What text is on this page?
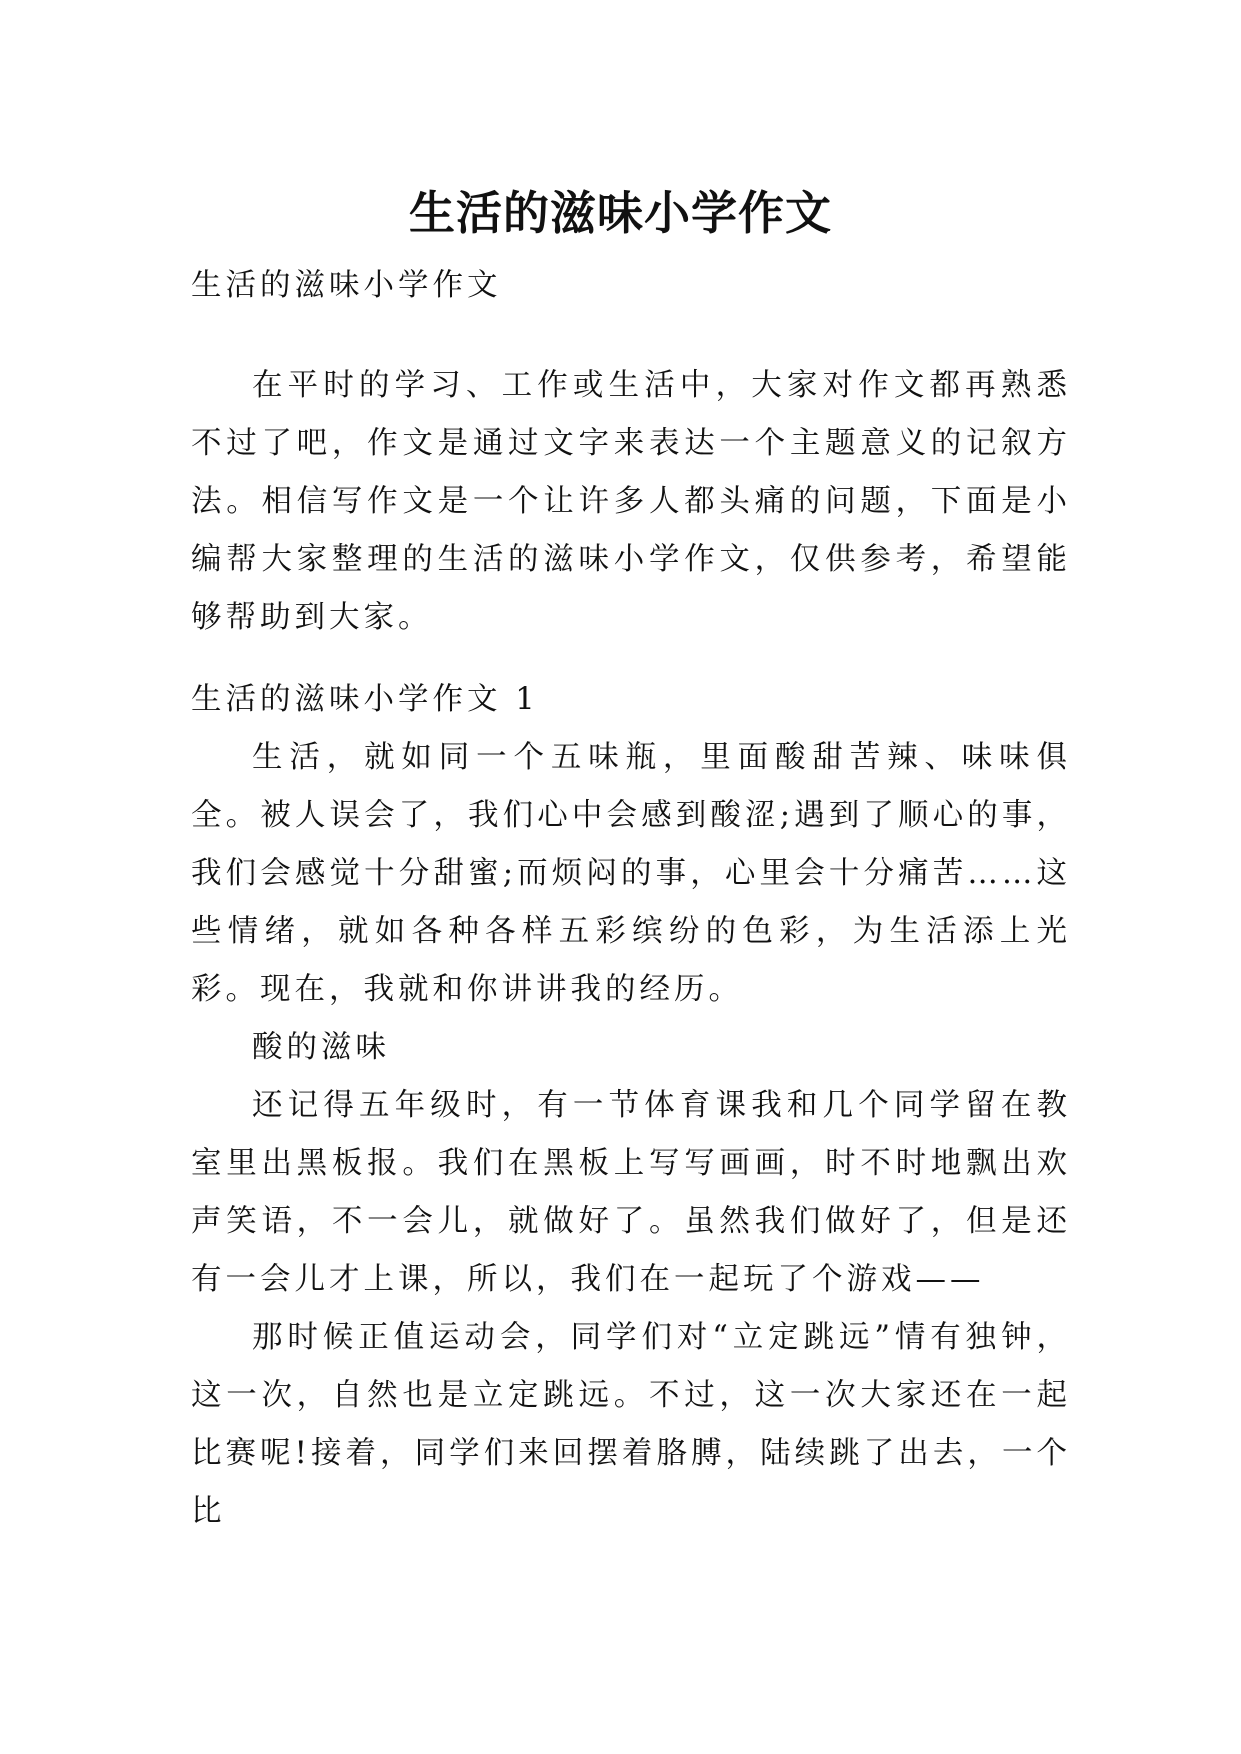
生活的滋味小学作文

生活的滋味小学作文

在平时的学习、工作或生活中，大家对作文都再熟悉不过了吧，作文是通过文字来表达一个主题意义的记叙方法。相信写作文是一个让许多人都头痛的问题，下面是小编帮大家整理的生活的滋味小学作文，仅供参考，希望能够帮助到大家。

生活的滋味小学作文 1

生活，就如同一个五味瓶，里面酸甜苦辣、味味俱全。被人误会了，我们心中会感到酸涩;遇到了顺心的事，我们会感觉十分甜蜜;而烦闷的事，心里会十分痛苦……这些情绪，就如各种各样五彩缤纷的色彩，为生活添上光彩。现在，我就和你讲讲我的经历。

酸的滋味

还记得五年级时，有一节体育课我和几个同学留在教室里出黑板报。我们在黑板上写写画画，时不时地飘出欢声笑语，不一会儿，就做好了。虽然我们做好了，但是还有一会儿才上课，所以，我们在一起玩了个游戏——

那时候正值运动会，同学们对“立定跳远”情有独钟，这一次，自然也是立定跳远。不过，这一次大家还在一起比赛呢!接着，同学们来回摆着胳膊，陆续跳了出去，一个比
